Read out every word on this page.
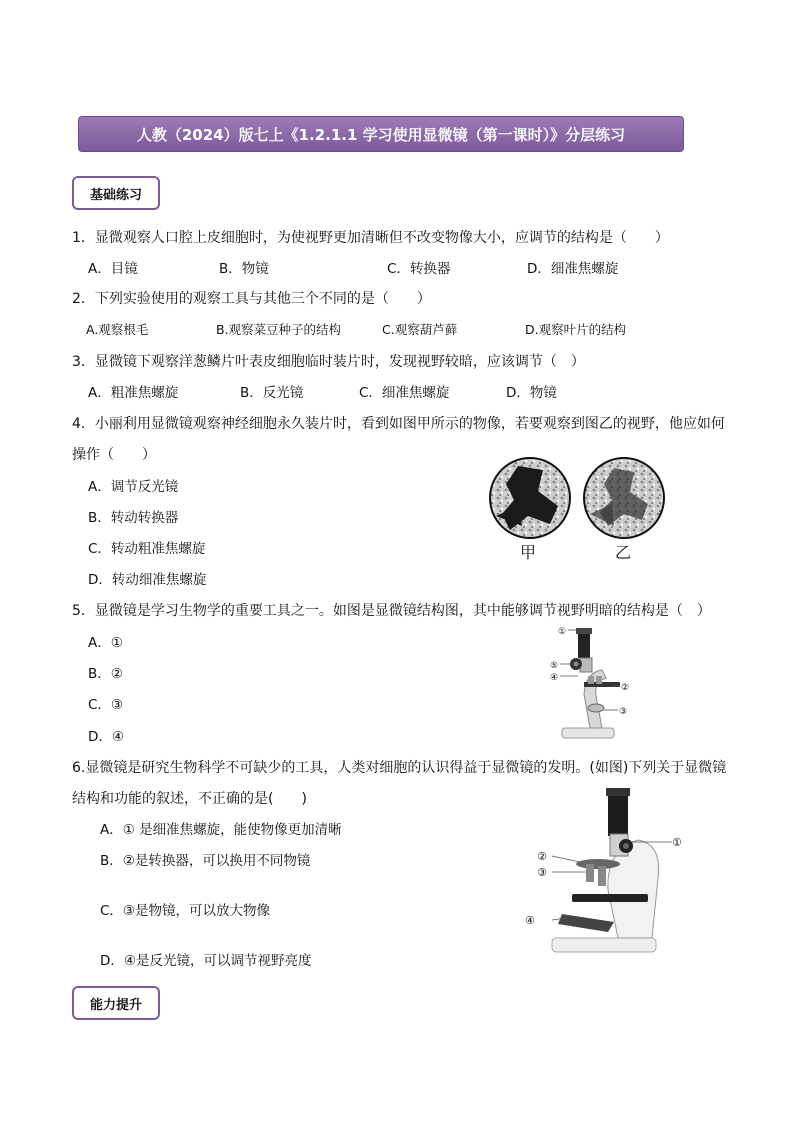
人教（2024）版七上《1.2.1.1 学习使用显微镜（第一课时）》分层练习
基础练习
1．显微观察人口腔上皮细胞时，为使视野更加清晰但不改变物像大小，应调节的结构是（　　）
A．目镜	B．物镜	C．转换器	D．细准焦螺旋
2．下列实验使用的观察工具与其他三个不同的是（　　）
A.观察根毛	B.观察菜豆种子的结构	C.观察葫芦藓	D.观察叶片的结构
3．显微镜下观察洋葱鳞片叶表皮细胞临时装片时，发现视野较暗，应该调节（　）
A．粗准焦螺旋	B．反光镜	C．细准焦螺旋	D．物镜
4．小丽利用显微镜观察神经细胞永久装片时，看到如图甲所示的物像，若要观察到图乙的视野，他应如何
操作（　　）
A．调节反光镜
B．转动转换器
C．转动粗准焦螺旋
D．转动细准焦螺旋
甲	乙
5．显微镜是学习生物学的重要工具之一。如图是显微镜结构图，其中能够调节视野明暗的结构是（　）
A．①
B．②
C．③
D．④
①
⑤
④
②
③
6.显微镜是研究生物科学不可缺少的工具，人类对细胞的认识得益于显微镜的发明。(如图)下列关于显微镜
结构和功能的叙述，不正确的是(　　)
A．① 是细准焦螺旋，能使物像更加清晰
B．②是转换器，可以换用不同物镜
C．③是物镜，可以放大物像
D．④是反光镜，可以调节视野亮度
①
②
③
④
能力提升
